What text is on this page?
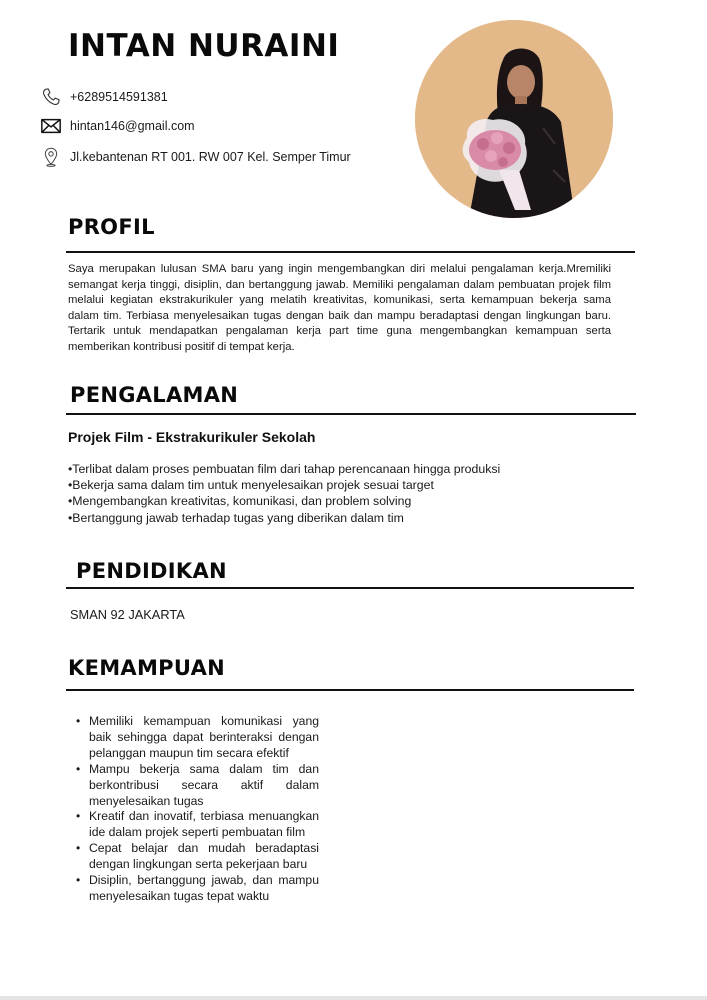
INTAN NURAINI
+6289514591381
hintan146@gmail.com
Jl.kebantenan RT 001. RW 007 Kel. Semper Timur
PROFIL

Saya merupakan lulusan SMA baru yang ingin mengembangkan diri melalui pengalaman kerja.Mremiliki semangat kerja tinggi, disiplin, dan bertanggung jawab. Memiliki pengalaman dalam pembuatan projek film melalui kegiatan ekstrakurikuler yang melatih kreativitas, komunikasi, serta kemampuan bekerja sama dalam tim. Terbiasa menyelesaikan tugas dengan baik dan mampu beradaptasi dengan lingkungan baru. Tertarik untuk mendapatkan pengalaman kerja part time guna mengembangkan kemampuan serta memberikan kontribusi positif di tempat kerja.

PENGALAMAN
Projek Film - Ekstrakurikuler Sekolah
•Terlibat dalam proses pembuatan film dari tahap perencanaan hingga produksi
•Bekerja sama dalam tim untuk menyelesaikan projek sesuai target
•Mengembangkan kreativitas, komunikasi, dan problem solving
•Bertanggung jawab terhadap tugas yang diberikan dalam tim
PENDIDIKAN

SMAN 92 JAKARTA

KEMAMPUAN
• Memiliki kemampuan komunikasi yang baik sehingga dapat berinteraksi dengan pelanggan maupun tim secara efektif
• Mampu bekerja sama dalam tim dan berkontribusi secara aktif dalam menyelesaikan tugas
• Kreatif dan inovatif, terbiasa menuangkan ide dalam projek seperti pembuatan film
• Cepat belajar dan mudah beradaptasi dengan lingkungan serta pekerjaan baru
• Disiplin, bertanggung jawab, dan mampu menyelesaikan tugas tepat waktu
